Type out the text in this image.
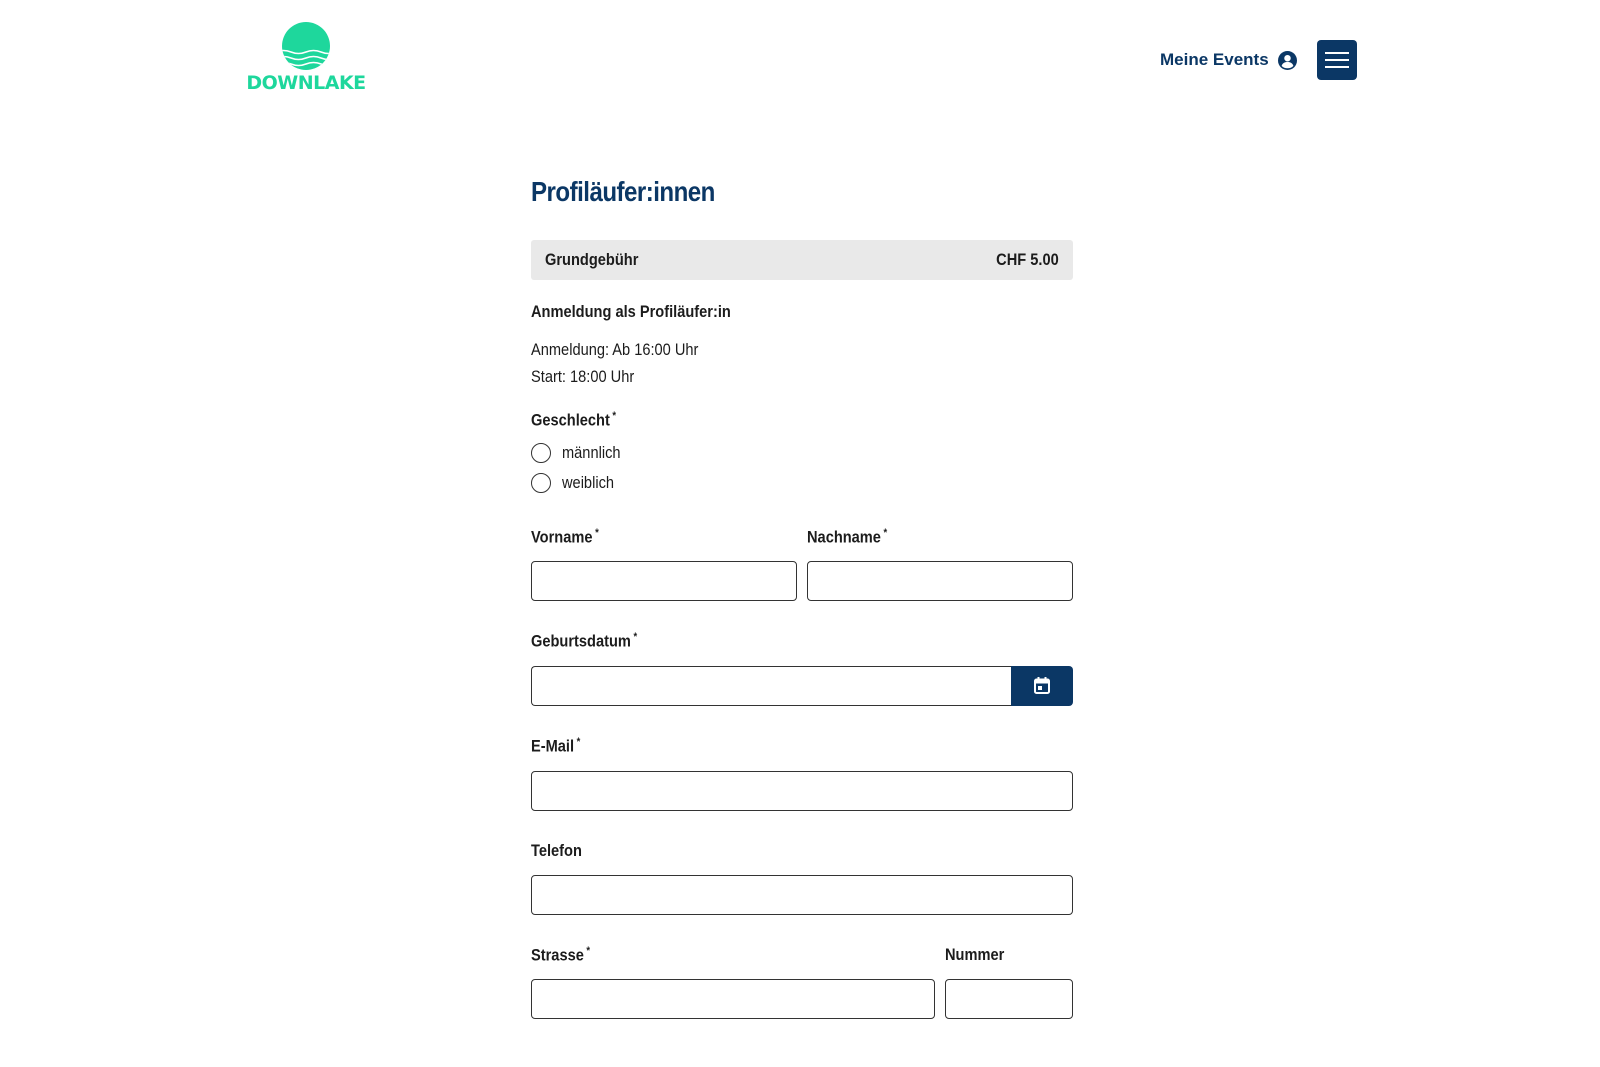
DOWNLAKE
Meine Events
Profiläufer:innen
Grundgebühr	CHF 5.00
Anmeldung als Profiläufer:in
Anmeldung: Ab 16:00 Uhr
Start: 18:00 Uhr
Geschlecht *
männlich
weiblich
Vorname *	Nachname *
Geburtsdatum *
E-Mail *
Telefon
Strasse *	Nummer
